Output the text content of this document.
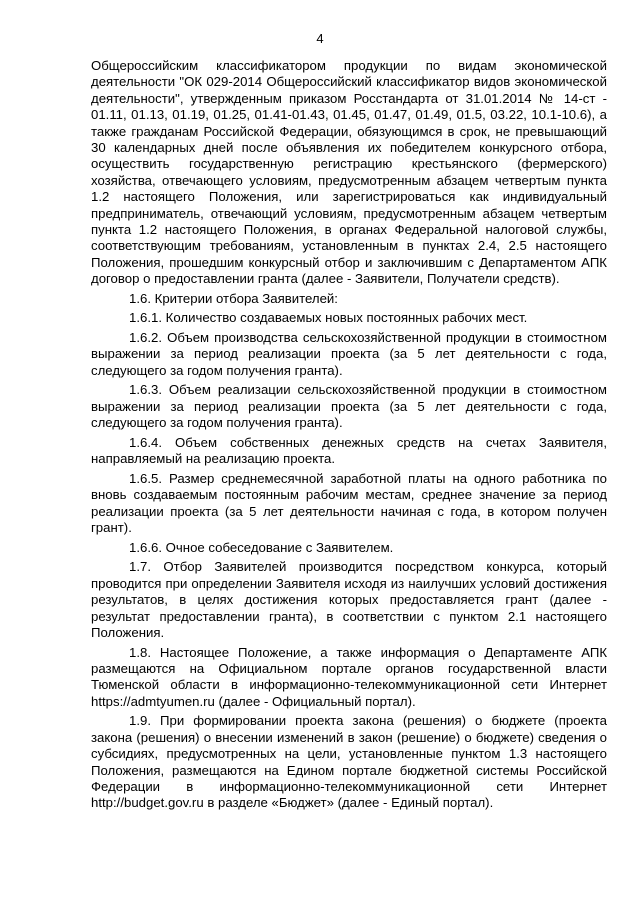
4

Общероссийским классификатором продукции по видам экономической деятельности "ОК 029-2014 Общероссийский классификатор видов экономической деятельности", утвержденным приказом Росстандарта от 31.01.2014 № 14-ст - 01.11, 01.13, 01.19, 01.25, 01.41-01.43, 01.45, 01.47, 01.49, 01.5, 03.22, 10.1-10.6), а также гражданам Российской Федерации, обязующимся в срок, не превышающий 30 календарных дней после объявления их победителем конкурсного отбора, осуществить государственную регистрацию крестьянского (фермерского) хозяйства, отвечающего условиям, предусмотренным абзацем четвертым пункта 1.2 настоящего Положения, или зарегистрироваться как индивидуальный предприниматель, отвечающий условиям, предусмотренным абзацем четвертым пункта 1.2 настоящего Положения, в органах Федеральной налоговой службы, соответствующим требованиям, установленным в пунктах 2.4, 2.5 настоящего Положения, прошедшим конкурсный отбор и заключившим с Департаментом АПК договор о предоставлении гранта (далее - Заявители, Получатели средств).

1.6. Критерии отбора Заявителей:

1.6.1. Количество создаваемых новых постоянных рабочих мест.

1.6.2. Объем производства сельскохозяйственной продукции в стоимостном выражении за период реализации проекта (за 5 лет деятельности с года, следующего за годом получения гранта).

1.6.3. Объем реализации сельскохозяйственной продукции в стоимостном выражении за период реализации проекта (за 5 лет деятельности с года, следующего за годом получения гранта).

1.6.4. Объем собственных денежных средств на счетах Заявителя, направляемый на реализацию проекта.

1.6.5. Размер среднемесячной заработной платы на одного работника по вновь создаваемым постоянным рабочим местам, среднее значение за период реализации проекта (за 5 лет деятельности начиная с года, в котором получен грант).

1.6.6. Очное собеседование с Заявителем.

1.7. Отбор Заявителей производится посредством конкурса, который проводится при определении Заявителя исходя из наилучших условий достижения результатов, в целях достижения которых предоставляется грант (далее - результат предоставлении гранта), в соответствии с пунктом 2.1 настоящего Положения.

1.8. Настоящее Положение, а также информация о Департаменте АПК размещаются на Официальном портале органов государственной власти Тюменской области в информационно-телекоммуникационной сети Интернет https://admtyumen.ru (далее - Официальный портал).

1.9. При формировании проекта закона (решения) о бюджете (проекта закона (решения) о внесении изменений в закон (решение) о бюджете) сведения о субсидиях, предусмотренных на цели, установленные пунктом 1.3 настоящего Положения, размещаются на Едином портале бюджетной системы Российской Федерации в информационно-телекоммуникационной сети Интернет http://budget.gov.ru в разделе «Бюджет» (далее - Единый портал).
